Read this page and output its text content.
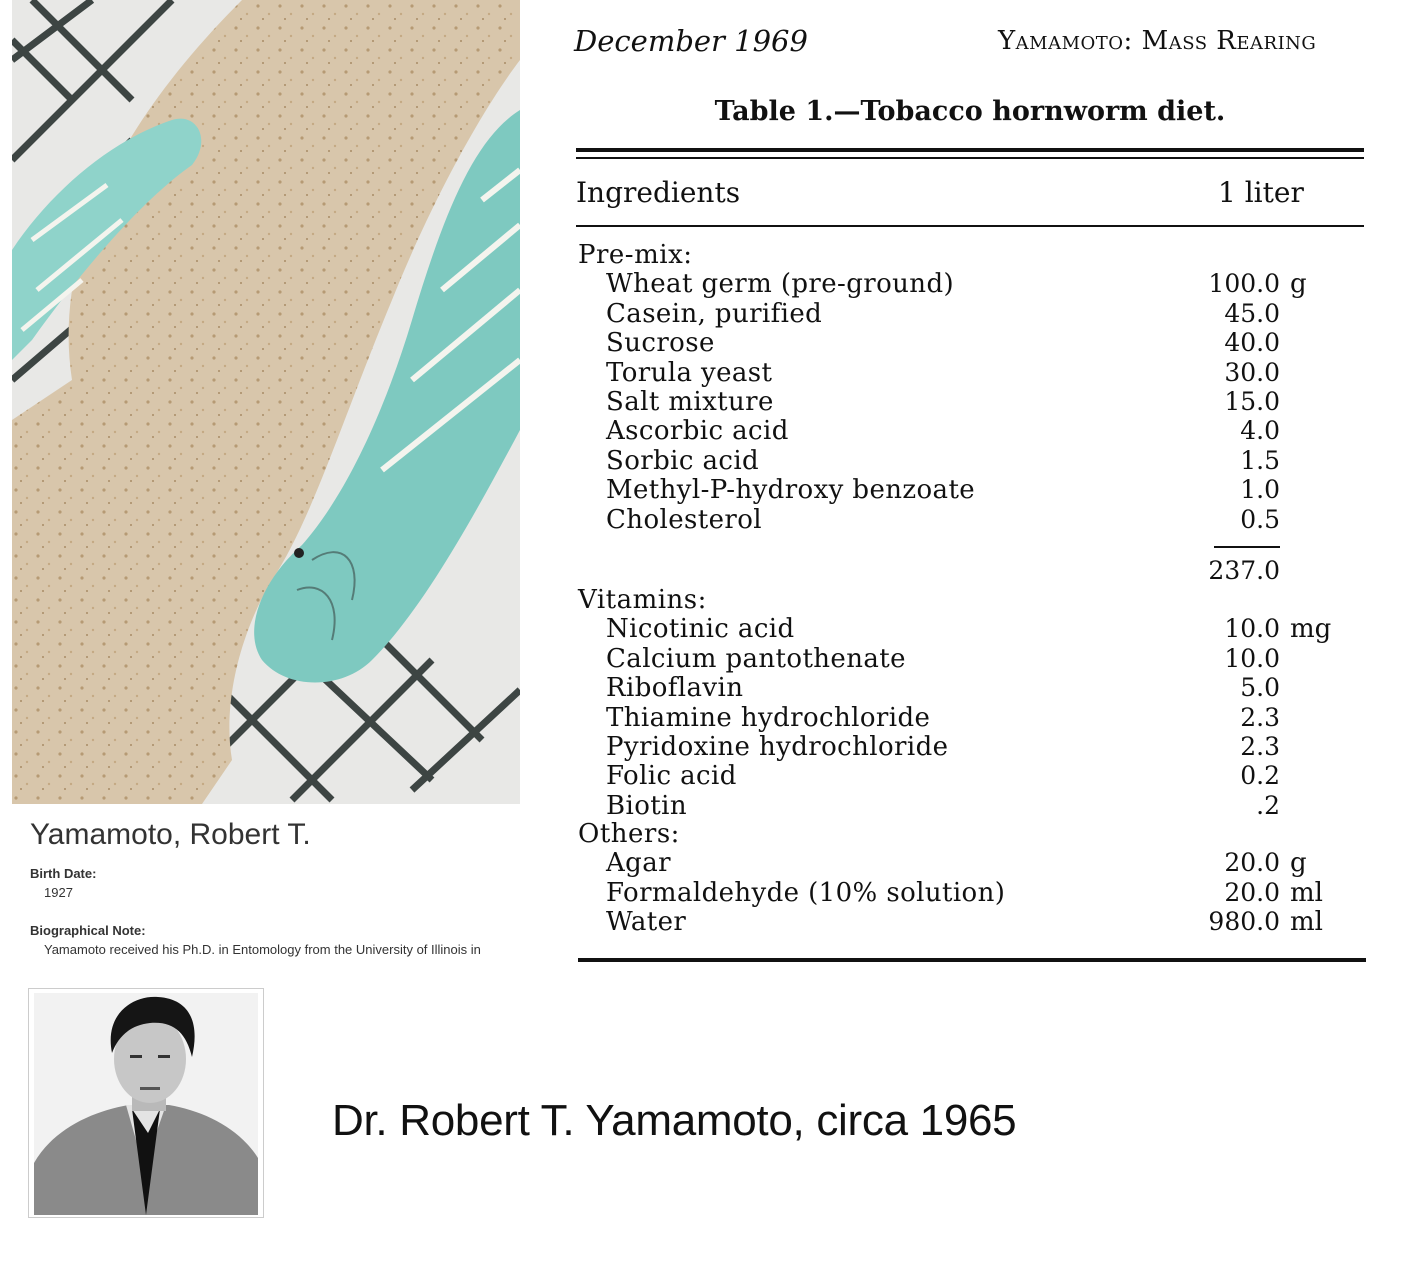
Yamamoto, Robert T.
Birth Date:
1927
Biographical Note:
Yamamoto received his Ph.D. in Entomology from the University of Illinois in
Dr. Robert T. Yamamoto, circa 1965
December 1969	Yamamoto: Mass Rearing
Table 1.—Tobacco hornworm diet.
Ingredients	1 liter
Pre-mix:
Wheat germ (pre-ground)	100.0 g
Casein, purified	45.0
Sucrose	40.0
Torula yeast	30.0
Salt mixture	15.0
Ascorbic acid	4.0
Sorbic acid	1.5
Methyl-P-hydroxy benzoate	1.0
Cholesterol	0.5
237.0
Vitamins:
Nicotinic acid	10.0 mg
Calcium pantothenate	10.0
Riboflavin	5.0
Thiamine hydrochloride	2.3
Pyridoxine hydrochloride	2.3
Folic acid	0.2
Biotin	.2
Others:
Agar	20.0 g
Formaldehyde (10% solution)	20.0 ml
Water	980.0 ml
